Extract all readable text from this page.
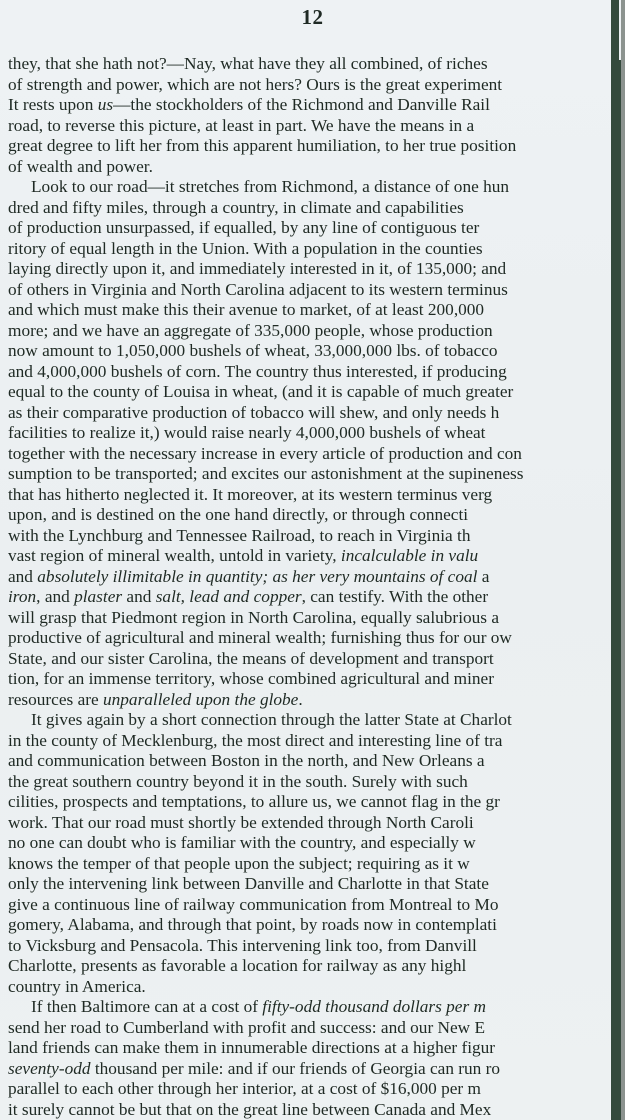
12
they, that she hath not?—Nay, what have they all combined, of riches
of strength and power, which are not hers? Ours is the great experiment
It rests upon us—the stockholders of the Richmond and Danville Rail
road, to reverse this picture, at least in part. We have the means in a
great degree to lift her from this apparent humiliation, to her true position
of wealth and power.
Look to our road—it stretches from Richmond, a distance of one hun
dred and fifty miles, through a country, in climate and capabilities
of production unsurpassed, if equalled, by any line of contiguous ter
ritory of equal length in the Union. With a population in the counties
laying directly upon it, and immediately interested in it, of 135,000; and
of others in Virginia and North Carolina adjacent to its western terminus
and which must make this their avenue to market, of at least 200,000
more; and we have an aggregate of 335,000 people, whose production
now amount to 1,050,000 bushels of wheat, 33,000,000 lbs. of tobacco
and 4,000,000 bushels of corn. The country thus interested, if producing
equal to the county of Louisa in wheat, (and it is capable of much greater
as their comparative production of tobacco will shew, and only needs h
facilities to realize it,) would raise nearly 4,000,000 bushels of wheat
together with the necessary increase in every article of production and con
sumption to be transported; and excites our astonishment at the supineness
that has hitherto neglected it. It moreover, at its western terminus verg
upon, and is destined on the one hand directly, or through connecti
with the Lynchburg and Tennessee Railroad, to reach in Virginia th
vast region of mineral wealth, untold in variety, incalculable in valu
and absolutely illimitable in quantity; as her very mountains of coal a
iron, and plaster and salt, lead and copper, can testify. With the other
will grasp that Piedmont region in North Carolina, equally salubrious a
productive of agricultural and mineral wealth; furnishing thus for our ow
State, and our sister Carolina, the means of development and transport
tion, for an immense territory, whose combined agricultural and miner
resources are unparalleled upon the globe.
It gives again by a short connection through the latter State at Charlot
in the county of Mecklenburg, the most direct and interesting line of tra
and communication between Boston in the north, and New Orleans a
the great southern country beyond it in the south. Surely with such
cilities, prospects and temptations, to allure us, we cannot flag in the gr
work. That our road must shortly be extended through North Caroli
no one can doubt who is familiar with the country, and especially w
knows the temper of that people upon the subject; requiring as it w
only the intervening link between Danville and Charlotte in that State
give a continuous line of railway communication from Montreal to Mo
gomery, Alabama, and through that point, by roads now in contemplati
to Vicksburg and Pensacola. This intervening link too, from Danvill
Charlotte, presents as favorable a location for railway as any highl
country in America.
If then Baltimore can at a cost of fifty-odd thousand dollars per m
send her road to Cumberland with profit and success: and our New E
land friends can make them in innumerable directions at a higher figur
seventy-odd thousand per mile: and if our friends of Georgia can run ro
parallel to each other through her interior, at a cost of $16,000 per m
it surely cannot be but that on the great line between Canada and Mex
